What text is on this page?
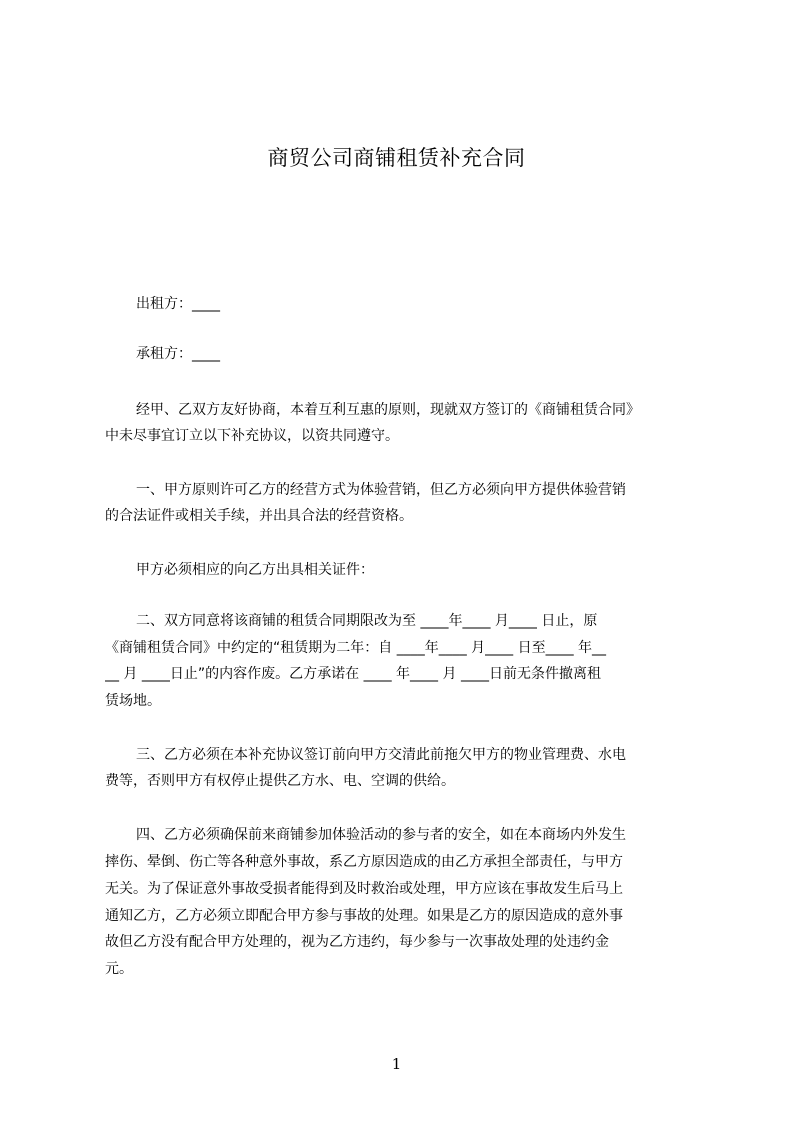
商贸公司商铺租赁补充合同
出租方：____
承租方：____
经甲、乙双方友好协商，本着互利互惠的原则，现就双方签订的《商铺租赁合同》
中未尽事宜订立以下补充协议，以资共同遵守。
一、甲方原则许可乙方的经营方式为体验营销，但乙方必须向甲方提供体验营销
的合法证件或相关手续，并出具合法的经营资格。
甲方必须相应的向乙方出具相关证件：
二、双方同意将该商铺的租赁合同期限改为至 ____年____ 月____ 日止，原
《商铺租赁合同》中约定的“租赁期为二年：自 ____年____ 月____ 日至____ 年__
__ 月 ____日止”的内容作废。乙方承诺在 ____ 年____ 月 ____日前无条件撤离租
赁场地。
三、乙方必须在本补充协议签订前向甲方交清此前拖欠甲方的物业管理费、水电
费等，否则甲方有权停止提供乙方水、电、空调的供给。
四、乙方必须确保前来商铺参加体验活动的参与者的安全，如在本商场内外发生
摔伤、晕倒、伤亡等各种意外事故，系乙方原因造成的由乙方承担全部责任，与甲方
无关。为了保证意外事故受损者能得到及时救治或处理，甲方应该在事故发生后马上
通知乙方，乙方必须立即配合甲方参与事故的处理。如果是乙方的原因造成的意外事
故但乙方没有配合甲方处理的，视为乙方违约，每少参与一次事故处理的处违约金
元。
1
